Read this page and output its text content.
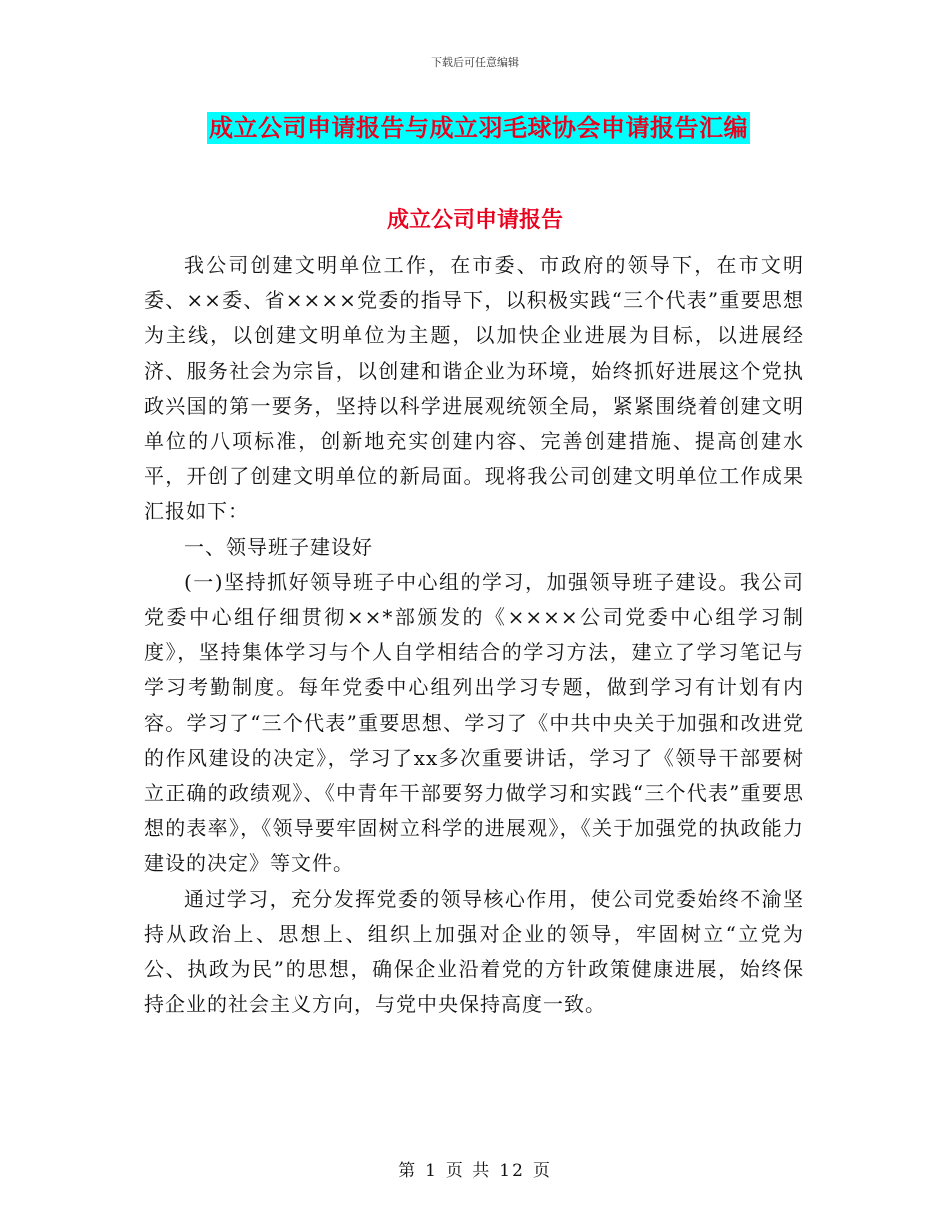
下载后可任意编辑
成立公司申请报告与成立羽毛球协会申请报告汇编
成立公司申请报告

我公司创建文明单位工作，在市委、市政府的领导下，在市文明委、××委、省××××党委的指导下，以积极实践“三个代表”重要思想为主线，以创建文明单位为主题，以加快企业进展为目标，以进展经济、服务社会为宗旨，以创建和谐企业为环境，始终抓好进展这个党执政兴国的第一要务，坚持以科学进展观统领全局，紧紧围绕着创建文明单位的八项标准，创新地充实创建内容、完善创建措施、提高创建水平，开创了创建文明单位的新局面。现将我公司创建文明单位工作成果汇报如下：

一、领导班子建设好

(一)坚持抓好领导班子中心组的学习，加强领导班子建设。我公司党委中心组仔细贯彻××*部颁发的《××××公司党委中心组学习制度》，坚持集体学习与个人自学相结合的学习方法，建立了学习笔记与学习考勤制度。每年党委中心组列出学习专题，做到学习有计划有内容。学习了“三个代表”重要思想、学习了《中共中央关于加强和改进党的作风建设的决定》，学习了xx多次重要讲话，学习了《领导干部要树立正确的政绩观》、《中青年干部要努力做学习和实践“三个代表”重要思想的表率》，《领导要牢固树立科学的进展观》，《关于加强党的执政能力建设的决定》等文件。

通过学习，充分发挥党委的领导核心作用，使公司党委始终不渝坚持从政治上、思想上、组织上加强对企业的领导，牢固树立“立党为公、执政为民”的思想，确保企业沿着党的方针政策健康进展，始终保持企业的社会主义方向，与党中央保持高度一致。

第 1 页 共 12 页
